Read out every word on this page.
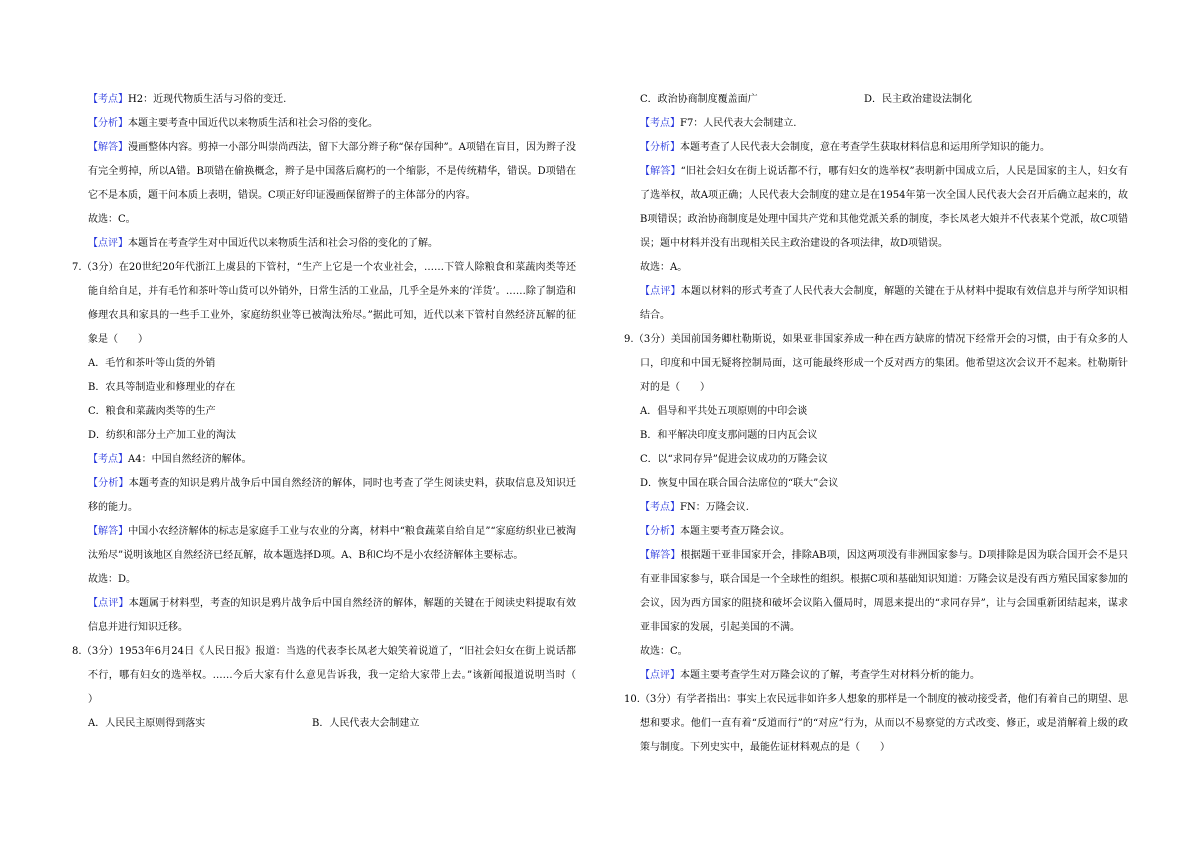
【考点】H2：近现代物质生活与习俗的变迁.

【分析】本题主要考查中国近代以来物质生活和社会习俗的变化。

【解答】漫画整体内容。剪掉一小部分叫崇尚西法，留下大部分辫子称“保存国种”。A项错在盲目，因为辫子没有完全剪掉，所以A错。B项错在偷换概念，辫子是中国落后腐朽的一个缩影，不是传统精华，错误。D项错在它不是本质，题干问本质上表明，错误。C项正好印证漫画保留辫子的主体部分的内容。

故选：C。

【点评】本题旨在考查学生对中国近代以来物质生活和社会习俗的变化的了解。

7.（3分）在20世纪20年代浙江上虞县的下管村，“生产上它是一个农业社会，……下管人除粮食和菜蔬肉类等还能自给自足，并有毛竹和茶叶等山货可以外销外，日常生活的工业品，几乎全是外来的‘洋货’。……除了制造和修理农具和家具的一些手工业外，家庭纺织业等已被淘汰殆尽。”据此可知，近代以来下管村自然经济瓦解的征象是（　　）

A．毛竹和茶叶等山货的外销

B．农具等制造业和修理业的存在

C．粮食和菜蔬肉类等的生产

D．纺织和部分土产加工业的淘汰

【考点】A4：中国自然经济的解体。

【分析】本题考查的知识是鸦片战争后中国自然经济的解体，同时也考查了学生阅读史料，获取信息及知识迁移的能力。

【解答】中国小农经济解体的标志是家庭手工业与农业的分离，材料中“粮食蔬菜自给自足”“家庭纺织业已被淘汰殆尽”说明该地区自然经济已经瓦解，故本题选择D项。A、B和C均不是小农经济解体主要标志。

故选：D。

【点评】本题属于材料型，考查的知识是鸦片战争后中国自然经济的解体，解题的关键在于阅读史料提取有效信息并进行知识迁移。

8.（3分）1953年6月24日《人民日报》报道：当选的代表李长凤老大娘笑着说道了，“旧社会妇女在街上说话都不行，哪有妇女的选举权。……今后大家有什么意见告诉我，我一定给大家带上去。”该新闻报道说明当时（　　）

A．人民民主原则得到落实	B．人民代表大会制建立
C．政治协商制度覆盖面广	D．民主政治建设法制化

【考点】F7：人民代表大会制建立.

【分析】本题考查了人民代表大会制度，意在考查学生获取材料信息和运用所学知识的能力。

【解答】“旧社会妇女在街上说话都不行，哪有妇女的选举权”表明新中国成立后，人民是国家的主人，妇女有了选举权，故A项正确；人民代表大会制度的建立是在1954年第一次全国人民代表大会召开后确立起来的，故B项错误；政治协商制度是处理中国共产党和其他党派关系的制度，李长凤老大娘并不代表某个党派，故C项错误；题中材料并没有出现相关民主政治建设的各项法律，故D项错误。

故选：A。

【点评】本题以材料的形式考查了人民代表大会制度，解题的关键在于从材料中提取有效信息并与所学知识相结合。

9.（3分）美国前国务卿杜勒斯说，如果亚非国家养成一种在西方缺席的情况下经常开会的习惯，由于有众多的人口，印度和中国无疑将控制局面，这可能最终形成一个反对西方的集团。他希望这次会议开不起来。杜勒斯针对的是（　　）

A．倡导和平共处五项原则的中印会谈

B．和平解决印度支那问题的日内瓦会议

C．以“求同存异”促进会议成功的万隆会议

D．恢复中国在联合国合法席位的“联大”会议

【考点】FN：万隆会议.

【分析】本题主要考查万隆会议。

【解答】根据题干亚非国家开会，排除AB项，因这两项没有非洲国家参与。D项排除是因为联合国开会不是只有亚非国家参与，联合国是一个全球性的组织。根据C项和基础知识知道：万隆会议是没有西方殖民国家参加的会议，因为西方国家的阻挠和破坏会议陷入僵局时，周恩来提出的“求同存异”，让与会国重新团结起来，谋求亚非国家的发展，引起美国的不满。

故选：C。

【点评】本题主要考查学生对万隆会议的了解，考查学生对材料分析的能力。

10.（3分）有学者指出：事实上农民远非如许多人想象的那样是一个制度的被动接受者，他们有着自己的期望、思想和要求。他们一直有着“反道而行”的“对应”行为，从而以不易察觉的方式改变、修正，或是消解着上级的政策与制度。下列史实中，最能佐证材料观点的是（　　）
